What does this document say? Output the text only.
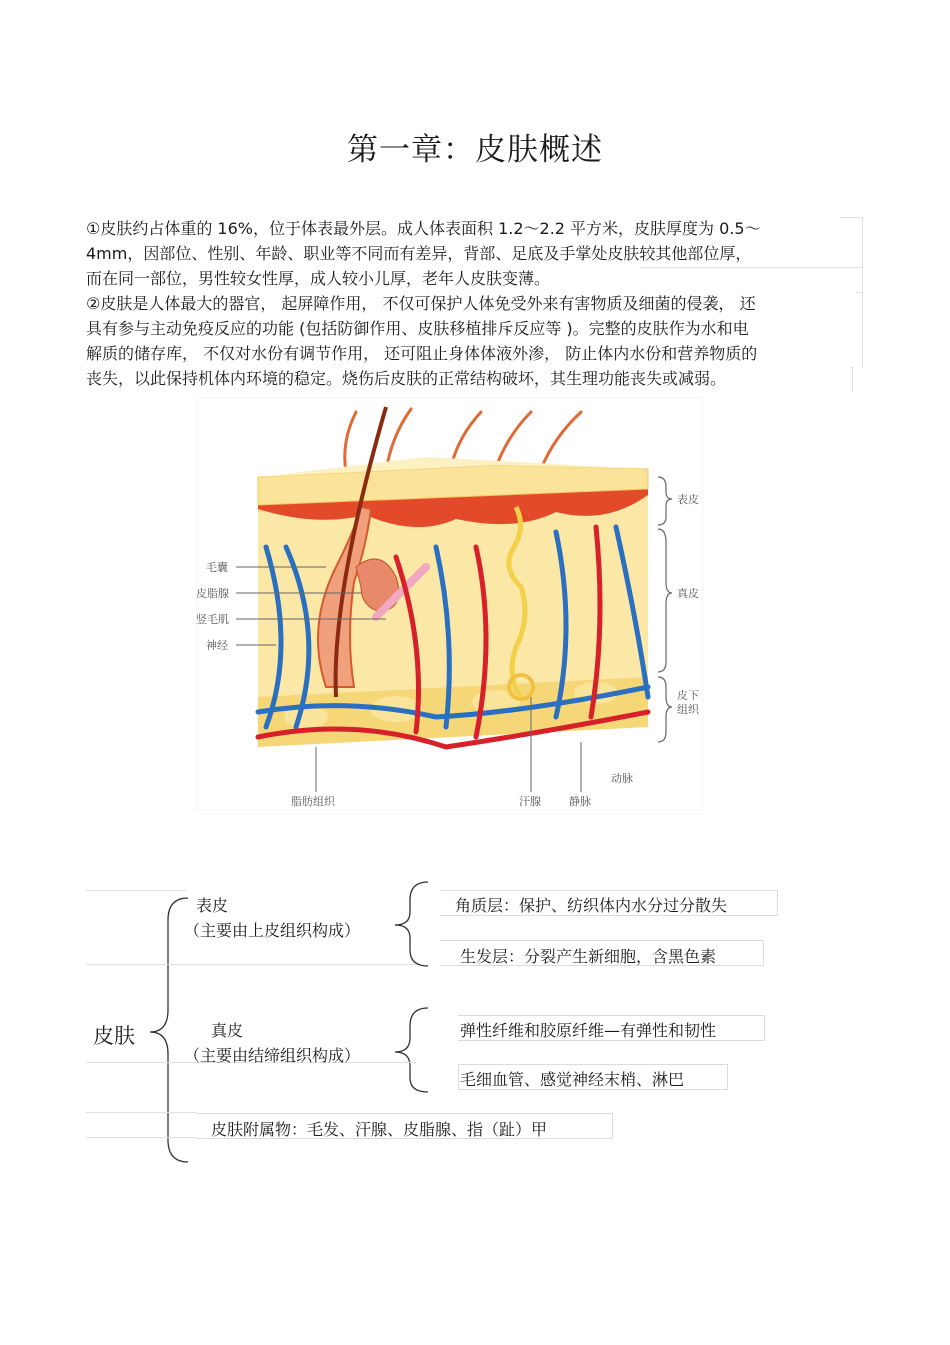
第一章：皮肤概述

①皮肤约占体重的 16%，位于体表最外层。成人体表面积 1.2～2.2 平方米，皮肤厚度为 0.5～
4mm，因部位、性别、年龄、职业等不同而有差异，背部、足底及手掌处皮肤较其他部位厚，
而在同一部位，男性较女性厚，成人较小儿厚，老年人皮肤变薄。

②皮肤是人体最大的器官， 起屏障作用， 不仅可保护人体免受外来有害物质及细菌的侵袭， 还
具有参与主动免疫反应的功能 (包括防御作用、皮肤移植排斥反应等 )。完整的皮肤作为水和电
解质的储存库， 不仅对水份有调节作用， 还可阻止身体体液外渗， 防止体内水份和营养物质的
丧失，以此保持机体内环境的稳定。烧伤后皮肤的正常结构破坏，其生理功能丧失或减弱。

毛囊
皮脂腺
竖毛肌
神经
表皮
真皮
皮下
组织
脂肪组织	汗腺	静脉
动脉
皮肤
表皮
（主要由上皮组织构成）
角质层：保护、纺织体内水分过分散失
生发层：分裂产生新细胞，含黑色素
真皮
（主要由结缔组织构成）
弹性纤维和胶原纤维—有弹性和韧性
毛细血管、感觉神经末梢、淋巴
皮肤附属物：毛发、汗腺、皮脂腺、指（趾）甲
